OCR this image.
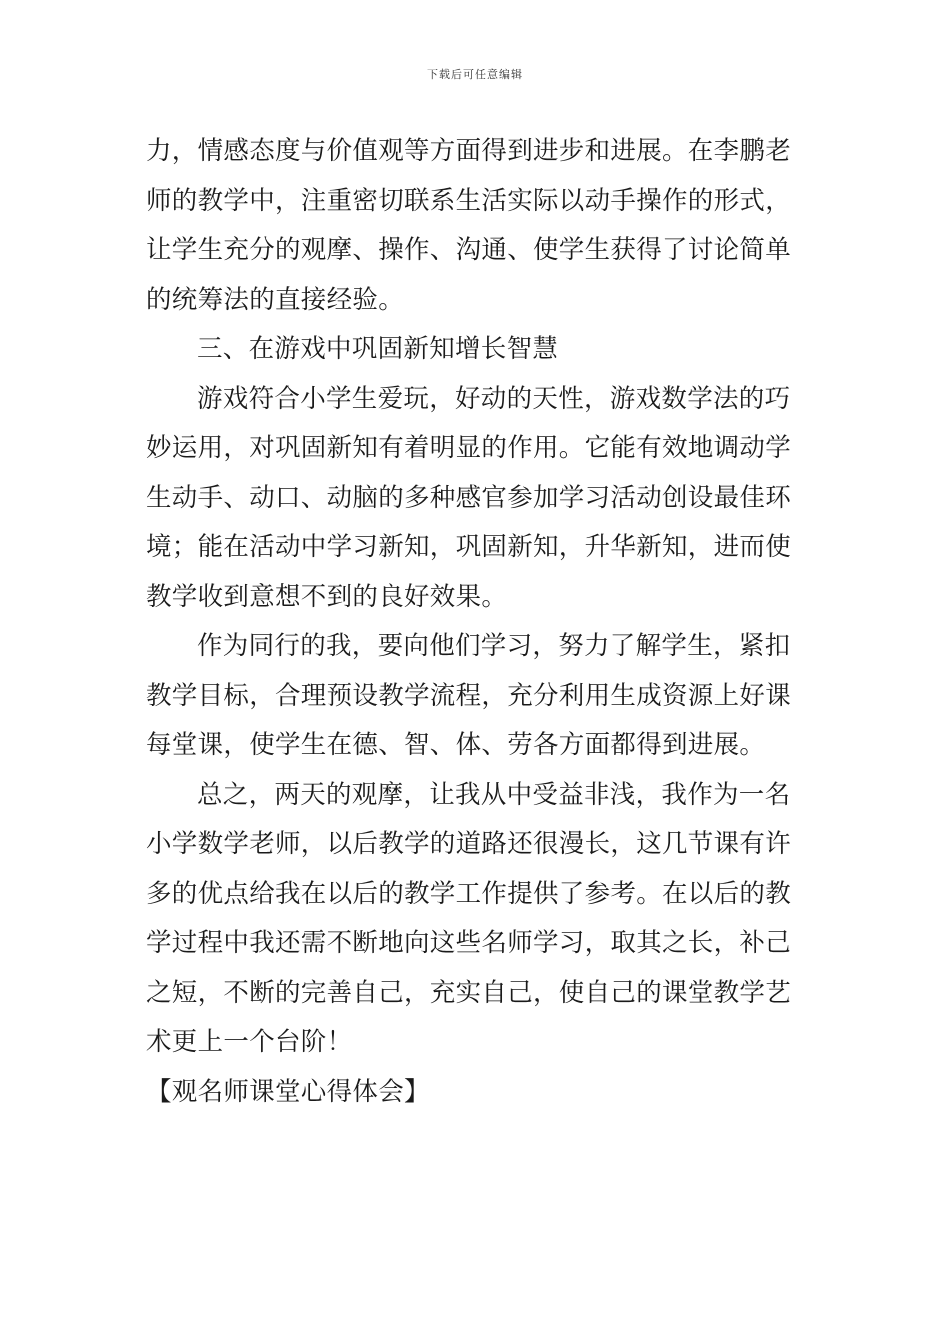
下载后可任意编辑
力，情感态度与价值观等方面得到进步和进展。在李鹏老
师的教学中，注重密切联系生活实际以动手操作的形式，
让学生充分的观摩、操作、沟通、使学生获得了讨论简单
的统筹法的直接经验。
三、在游戏中巩固新知增长智慧
游戏符合小学生爱玩，好动的天性，游戏数学法的巧
妙运用，对巩固新知有着明显的作用。它能有效地调动学
生动手、动口、动脑的多种感官参加学习活动创设最佳环
境；能在活动中学习新知，巩固新知，升华新知，进而使
教学收到意想不到的良好效果。
作为同行的我，要向他们学习，努力了解学生，紧扣
教学目标，合理预设教学流程，充分利用生成资源上好课
每堂课，使学生在德、智、体、劳各方面都得到进展。
总之，两天的观摩，让我从中受益非浅，我作为一名
小学数学老师，以后教学的道路还很漫长，这几节课有许
多的优点给我在以后的教学工作提供了参考。在以后的教
学过程中我还需不断地向这些名师学习，取其之长，补己
之短，不断的完善自己，充实自己，使自己的课堂教学艺
术更上一个台阶！
【观名师课堂心得体会】
